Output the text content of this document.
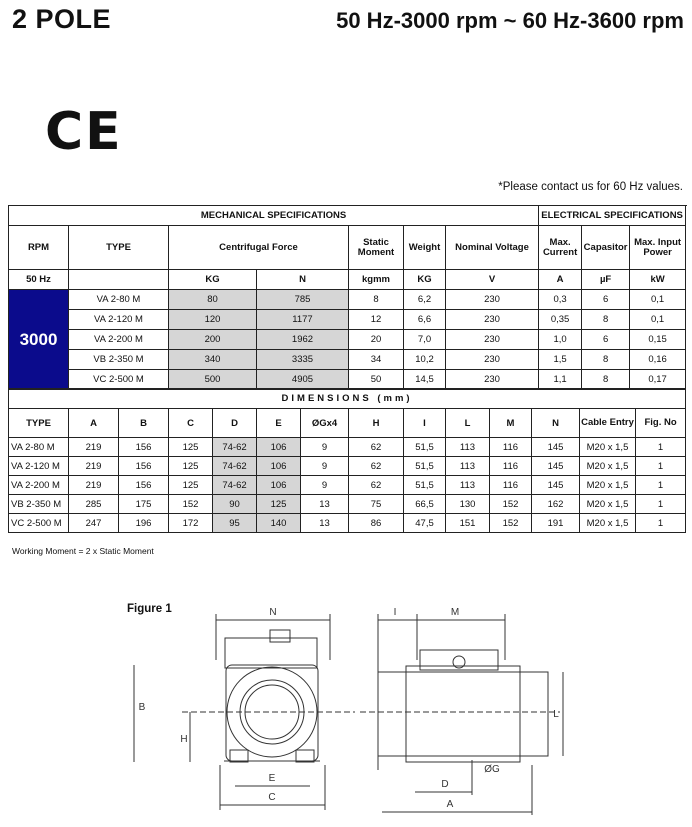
2 POLE	50 Hz-3000 rpm ~ 60 Hz-3600 rpm
CE
*Please contact us for 60 Hz values.
MECHANICAL SPECIFICATIONS							ELECTRICAL SPECIFICATIONS		
RPM	TYPE	Centrifugal Force		Static Moment	Weight	Nominal Voltage	Max. Current	Capasitor	Max. Input Power
50 Hz		KG	N	kgmm	KG	V	A	µF	kW
3000	VA 2-80 M	80	785	8	6,2	230	0,3	6	0,1
	VA 2-120 M	120	1177	12	6,6	230	0,35	8	0,1
	VA 2-200 M	200	1962	20	7,0	230	1,0	6	0,15
	VB 2-350 M	340	3335	34	10,2	230	1,5	8	0,16
	VC 2-500 M	500	4905	50	14,5	230	1,1	8	0,17
DIMENSIONS (mm)													
TYPE	A	B	C	D	E	ØGx4	H	I	L	M	N	Cable Entry	Fig. No
VA 2-80 M	219	156	125	74-62	106	9	62	51,5	113	116	145	M20 x 1,5	1
VA 2-120 M	219	156	125	74-62	106	9	62	51,5	113	116	145	M20 x 1,5	1
VA 2-200 M	219	156	125	74-62	106	9	62	51,5	113	116	145	M20 x 1,5	1
VB 2-350 M	285	175	152	90	125	13	75	66,5	130	152	162	M20 x 1,5	1
VC 2-500 M	247	196	172	95	140	13	86	47,5	151	152	191	M20 x 1,5	1
Working Moment = 2 x Static Moment
Figure 1	N	I	M
B
H
E
C
D
ØG
A
L
